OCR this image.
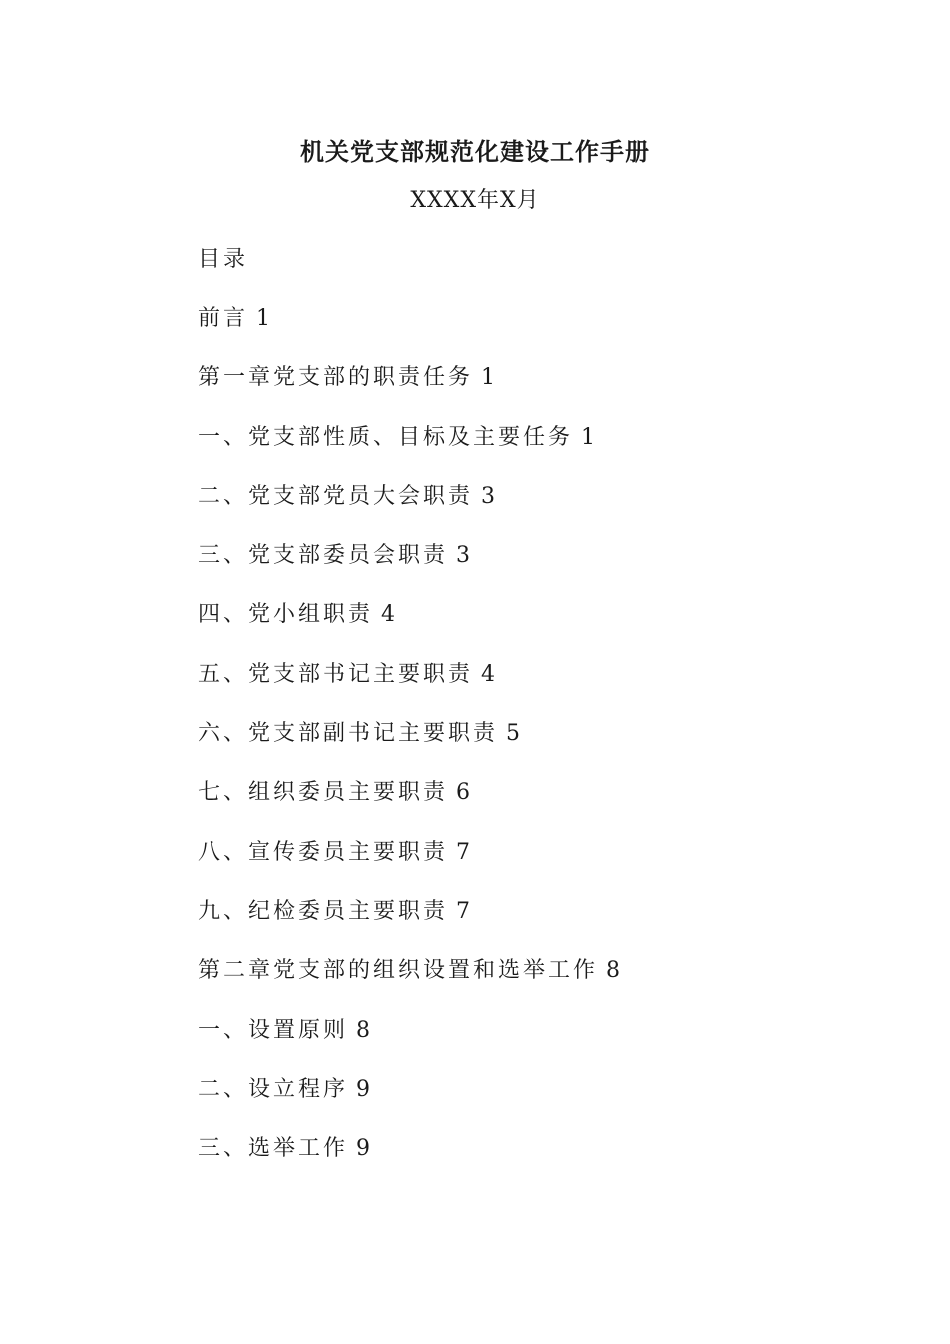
机关党支部规范化建设工作手册
XXXX年X月
目录
前言 1
第一章党支部的职责任务 1
一、党支部性质、目标及主要任务 1
二、党支部党员大会职责 3
三、党支部委员会职责 3
四、党小组职责 4
五、党支部书记主要职责 4
六、党支部副书记主要职责 5
七、组织委员主要职责 6
八、宣传委员主要职责 7
九、纪检委员主要职责 7
第二章党支部的组织设置和选举工作 8
一、设置原则 8
二、设立程序 9
三、选举工作 9
